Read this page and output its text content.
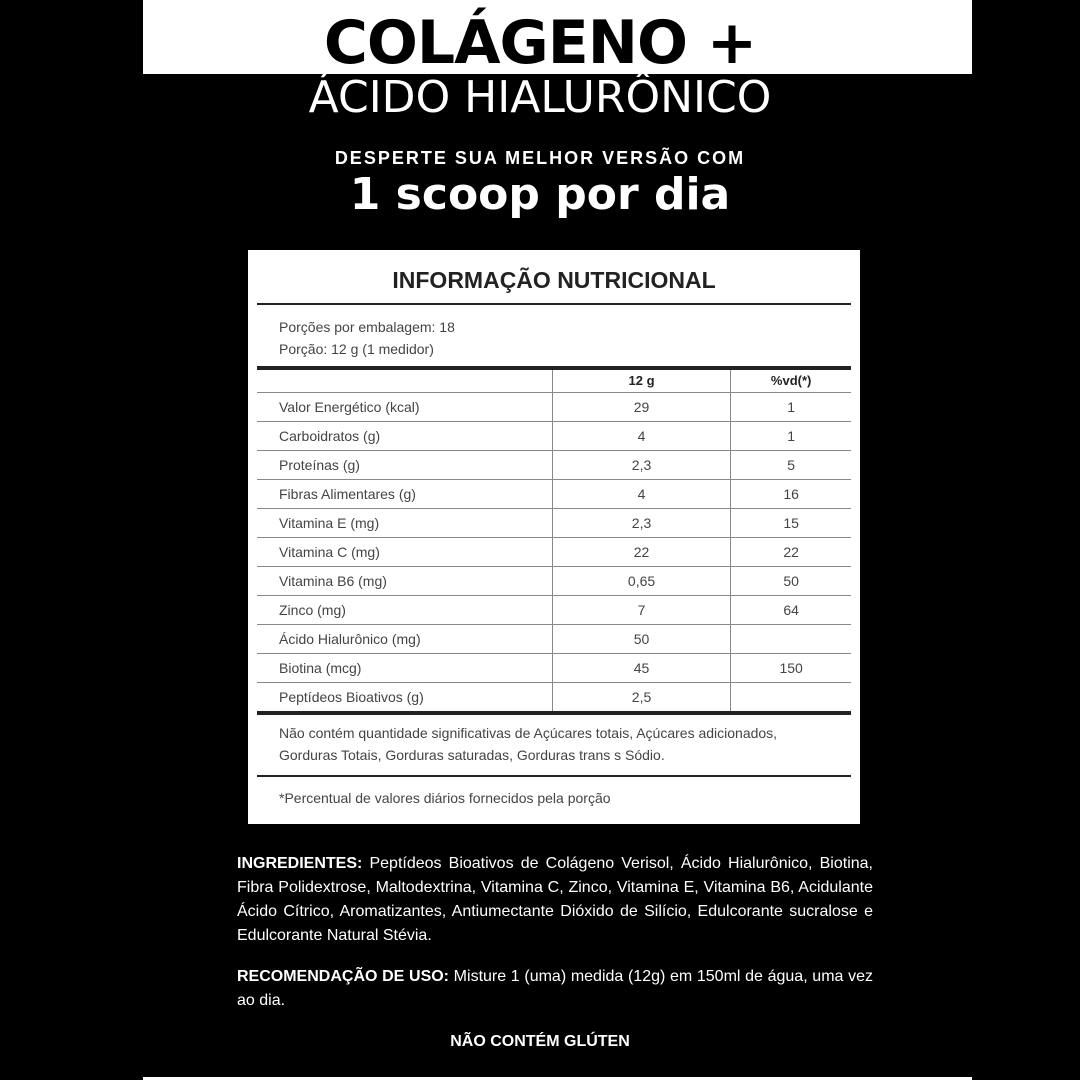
COLÁGENO +
ÁCIDO HIALURÔNICO
DESPERTE SUA MELHOR VERSÃO COM
1 scoop por dia
INFORMAÇÃO NUTRICIONAL
Porções por embalagem: 18
Porção: 12 g (1 medidor)
	12 g	%vd(*)
Valor Energético (kcal)	29	1
Carboidratos (g)	4	1
Proteínas (g)	2,3	5
Fibras Alimentares (g)	4	16
Vitamina E (mg)	2,3	15
Vitamina C (mg)	22	22
Vitamina B6 (mg)	0,65	50
Zinco (mg)	7	64
Ácido Hialurônico (mg)	50	
Biotina (mcg)	45	150
Peptídeos Bioativos (g)	2,5	
Não contém quantidade significativas de Açúcares totais, Açúcares adicionados, Gorduras Totais, Gorduras saturadas, Gorduras trans s Sódio.
*Percentual de valores diários fornecidos pela porção
INGREDIENTES: Peptídeos Bioativos de Colágeno Verisol, Ácido Hialurônico, Biotina, Fibra Polidextrose, Maltodextrina, Vitamina C, Zinco, Vitamina E, Vitamina B6, Acidulante Ácido Cítrico, Aromatizantes, Antiumectante Dióxido de Silício, Edulcorante sucralose e Edulcorante Natural Stévia.
RECOMENDAÇÃO DE USO: Misture 1 (uma) medida (12g) em 150ml de água, uma vez ao dia.
NÃO CONTÉM GLÚTEN
